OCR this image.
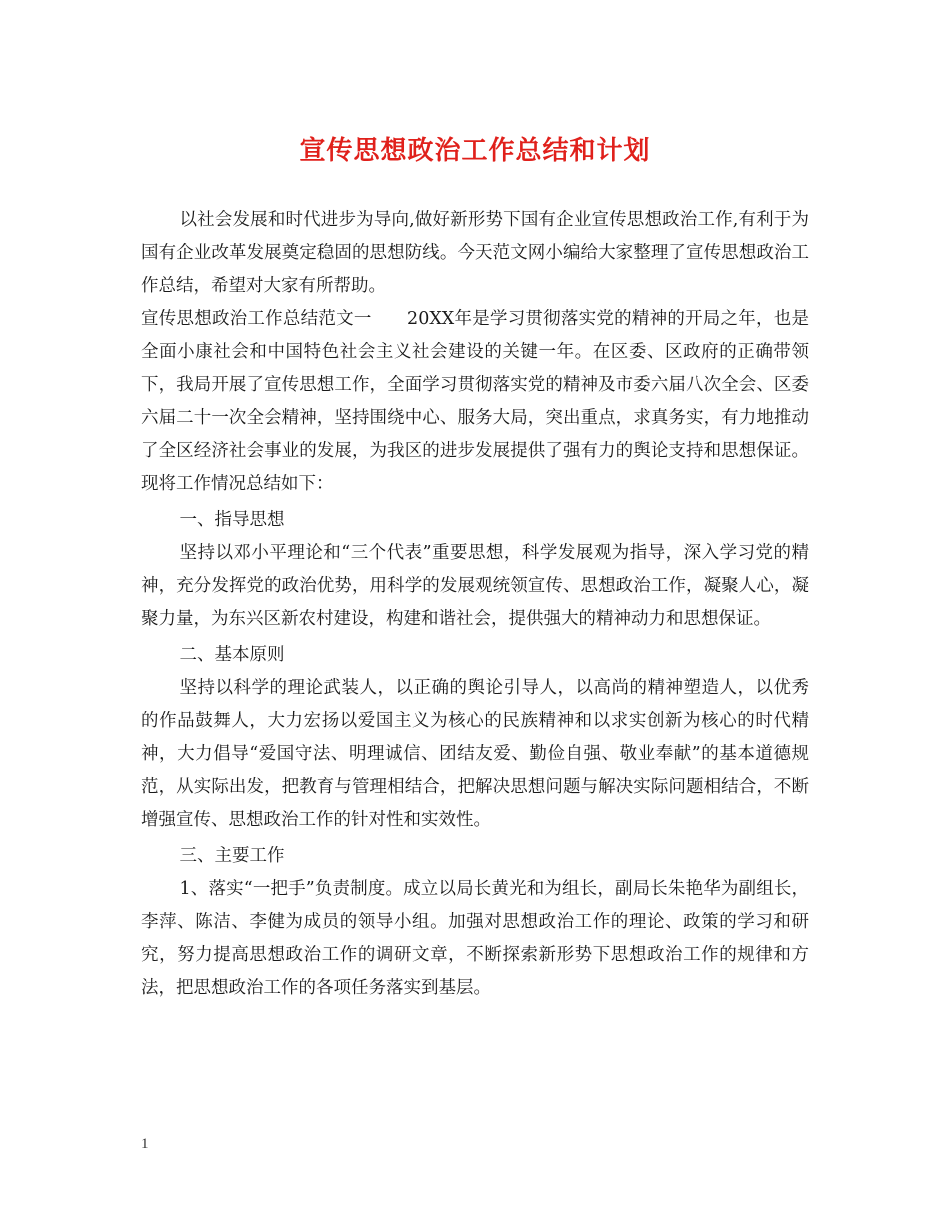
宣传思想政治工作总结和计划

以社会发展和时代进步为导向,做好新形势下国有企业宣传思想政治工作,有利于为国有企业改革发展奠定稳固的思想防线。今天范文网小编给大家整理了宣传思想政治工作总结，希望对大家有所帮助。

宣传思想政治工作总结范文一　　20XX年是学习贯彻落实党的精神的开局之年，也是全面小康社会和中国特色社会主义社会建设的关键一年。在区委、区政府的正确带领下，我局开展了宣传思想工作，全面学习贯彻落实党的精神及市委六届八次全会、区委六届二十一次全会精神，坚持围绕中心、服务大局，突出重点，求真务实，有力地推动了全区经济社会事业的发展，为我区的进步发展提供了强有力的舆论支持和思想保证。现将工作情况总结如下：

一、指导思想

坚持以邓小平理论和“三个代表”重要思想，科学发展观为指导，深入学习党的精神，充分发挥党的政治优势，用科学的发展观统领宣传、思想政治工作，凝聚人心，凝聚力量，为东兴区新农村建设，构建和谐社会，提供强大的精神动力和思想保证。

二、基本原则

坚持以科学的理论武装人，以正确的舆论引导人，以高尚的精神塑造人，以优秀的作品鼓舞人，大力宏扬以爱国主义为核心的民族精神和以求实创新为核心的时代精神，大力倡导“爱国守法、明理诚信、团结友爱、勤俭自强、敬业奉献”的基本道德规范，从实际出发，把教育与管理相结合，把解决思想问题与解决实际问题相结合，不断增强宣传、思想政治工作的针对性和实效性。

三、主要工作

1、落实“一把手”负责制度。成立以局长黄光和为组长，副局长朱艳华为副组长，李萍、陈洁、李健为成员的领导小组。加强对思想政治工作的理论、政策的学习和研究，努力提高思想政治工作的调研文章，不断探索新形势下思想政治工作的规律和方法，把思想政治工作的各项任务落实到基层。

1
